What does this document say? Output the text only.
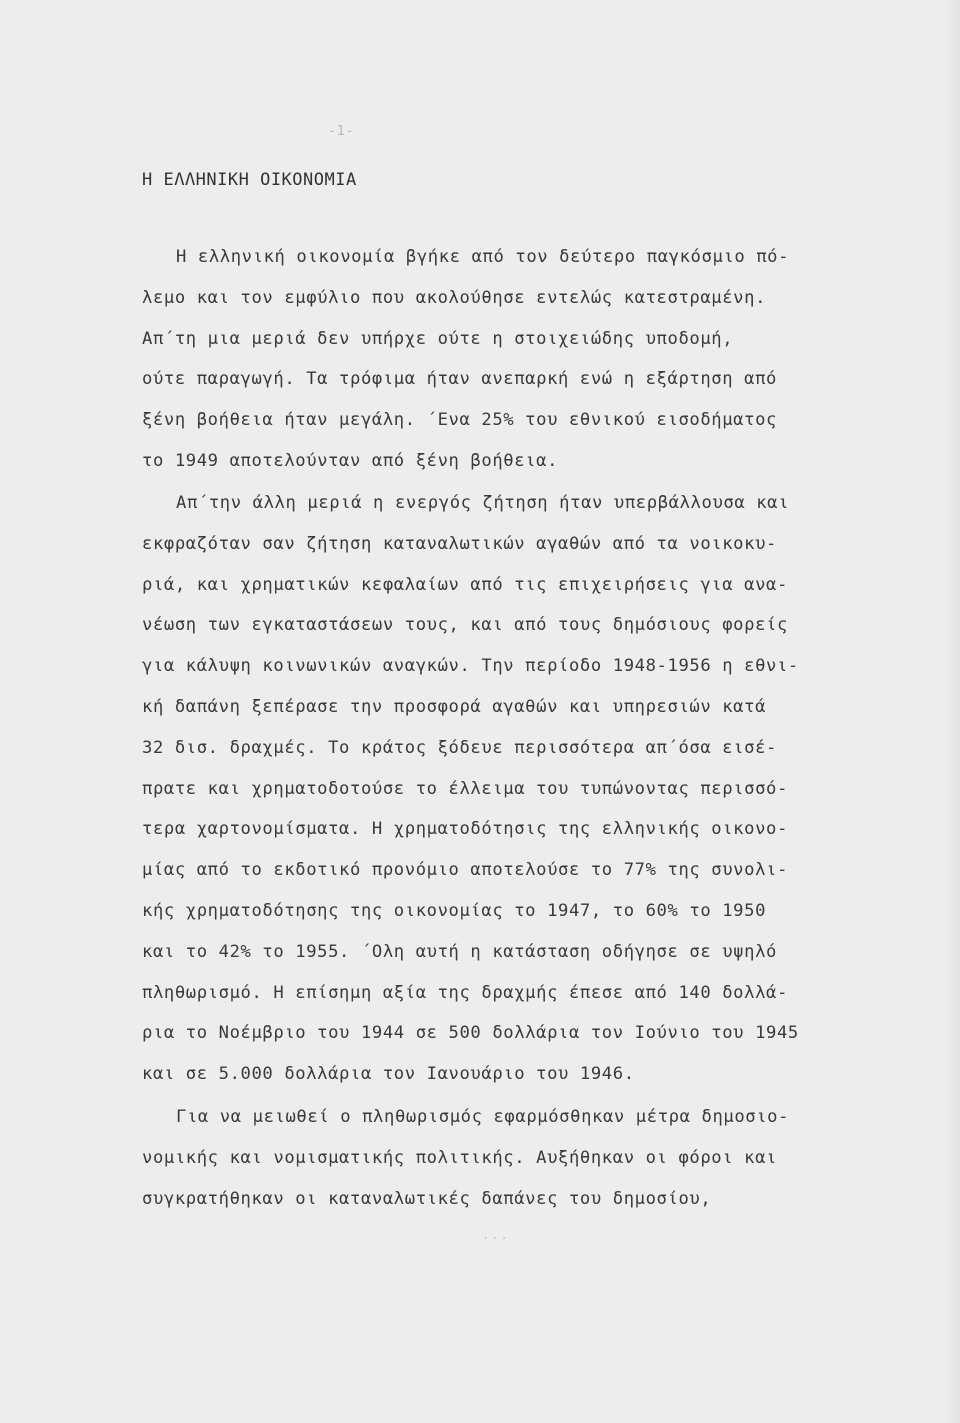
-1-
Η ΕΛΛΗΝΙΚΗ ΟΙΚΟΝΟΜΙΑ
Η ελληνική οικονομία βγήκε από τον δεύτερο παγκόσμιο πό-
λεμο και τον εμφύλιο που ακολούθησε εντελώς κατεστραμένη.
Απ΄τη μια μεριά δεν υπήρχε ούτε η στοιχειώδης υποδομή,
ούτε παραγωγή. Τα τρόφιμα ήταν ανεπαρκή ενώ η εξάρτηση από
ξένη βοήθεια ήταν μεγάλη. ΄Ενα 25% του εθνικού εισοδήματος
το 1949 αποτελούνταν από ξένη βοήθεια.
Απ΄την άλλη μεριά η ενεργός ζήτηση ήταν υπερβάλλουσα και
εκφραζόταν σαν ζήτηση καταναλωτικών αγαθών από τα νοικοκυ-
ριά, και χρηματικών κεφαλαίων από τις επιχειρήσεις για ανα-
νέωση των εγκαταστάσεων τους, και από τους δημόσιους φορείς
για κάλυψη κοινωνικών αναγκών. Την περίοδο 1948-1956 η εθνι-
κή δαπάνη ξεπέρασε την προσφορά αγαθών και υπηρεσιών κατά
32 δισ. δραχμές. Το κράτος ξόδευε περισσότερα απ΄όσα εισέ-
πρατε και χρηματοδοτούσε το έλλειμα του τυπώνοντας περισσό-
τερα χαρτονομίσματα. Η χρηματοδότησις της ελληνικής οικονο-
μίας από το εκδοτικό προνόμιο αποτελούσε το 77% της συνολι-
κής χρηματοδότησης της οικονομίας το 1947, το 60% το 1950
και το 42% το 1955. ΄Ολη αυτή η κατάσταση οδήγησε σε υψηλό
πληθωρισμό. Η επίσημη αξία της δραχμής έπεσε από 140 δολλά-
ρια το Νοέμβριο του 1944 σε 500 δολλάρια τον Ιούνιο του 1945
και σε 5.000 δολλάρια τον Ιανουάριο του 1946.
Για να μειωθεί ο πληθωρισμός εφαρμόσθηκαν μέτρα δημοσιο-
νομικής και νομισματικής πολιτικής. Αυξήθηκαν οι φόροι και
συγκρατήθηκαν οι καταναλωτικές δαπάνες του δημοσίου,
...
